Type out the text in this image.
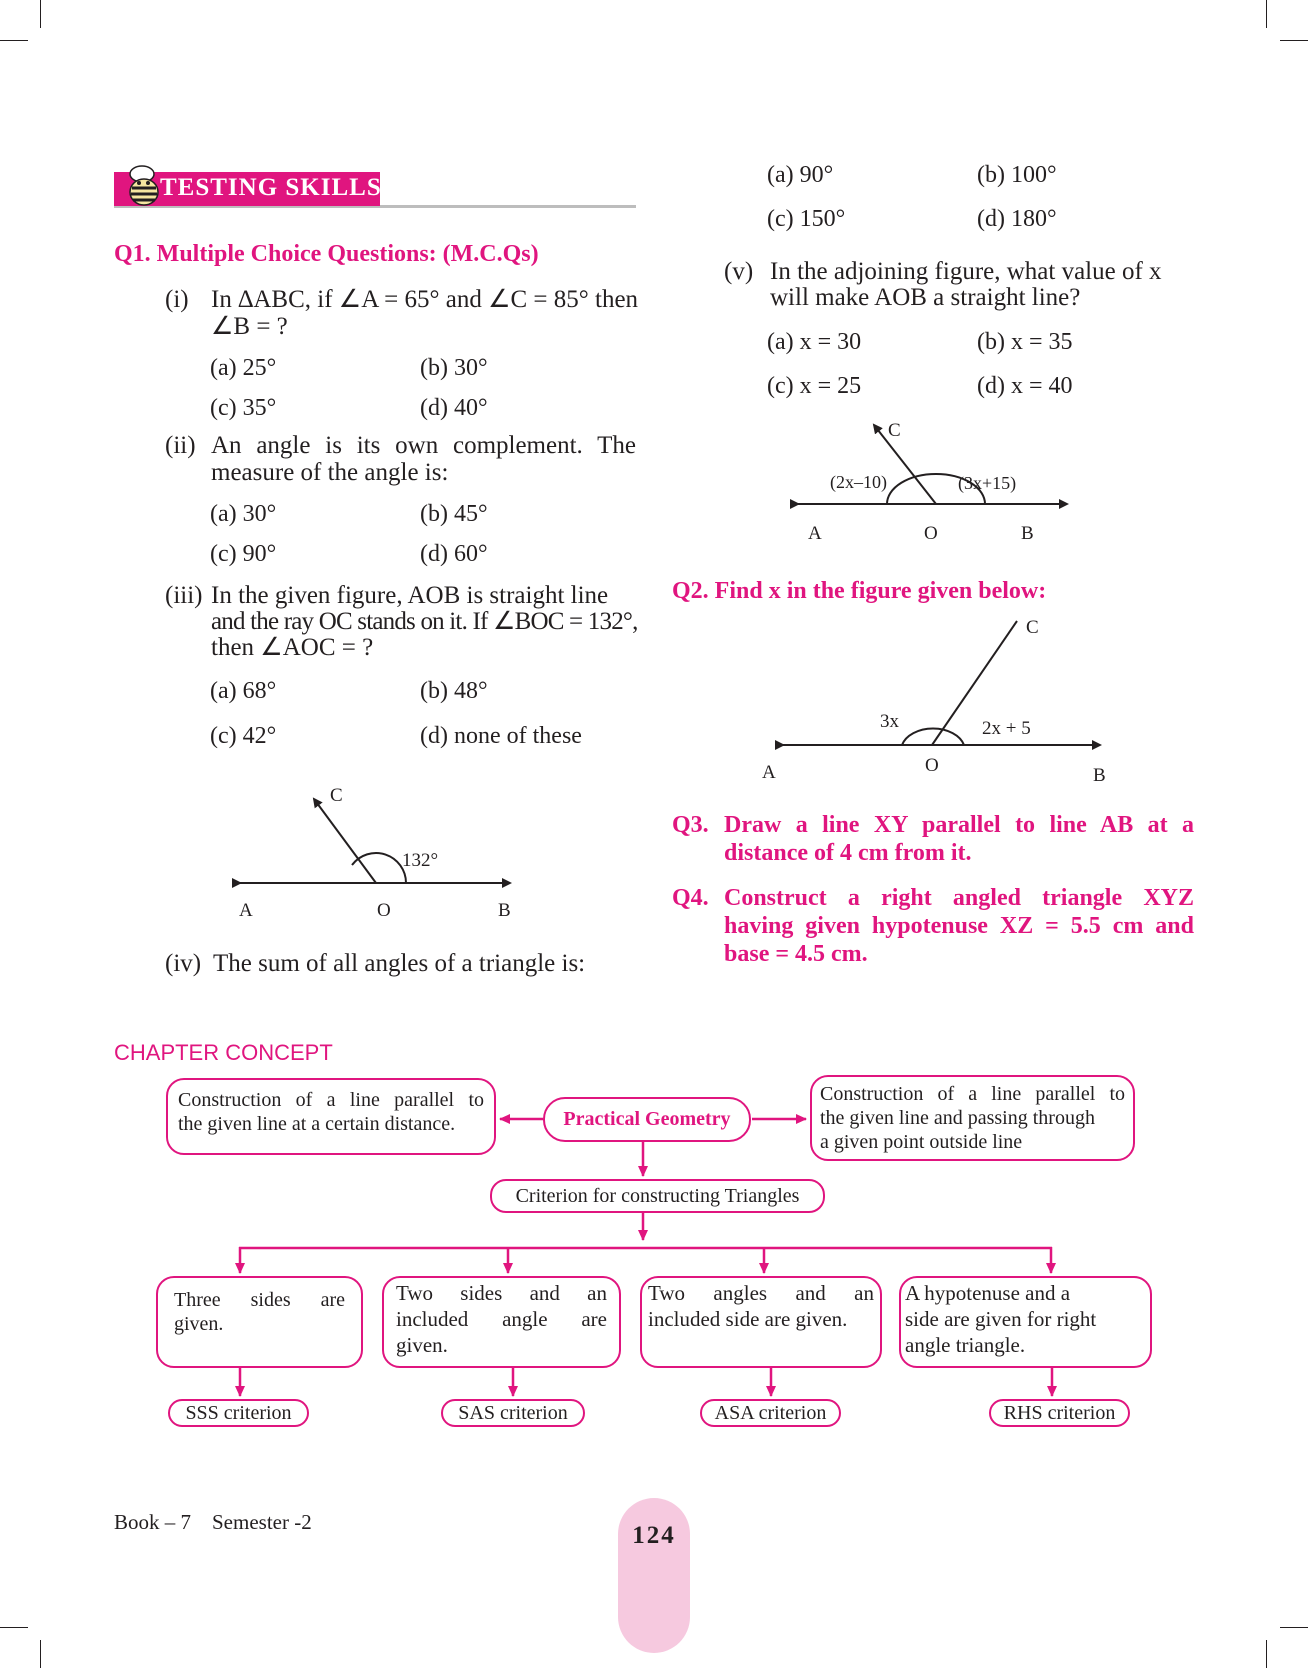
TESTING SKILLS
Q1. Multiple Choice Questions: (M.C.Qs)
(i) In ∆ABC, if ∠A = 65° and ∠C = 85° then
∠B = ?
(a) 25°	(b) 30°
(c) 35°	(d) 40°
(ii) An angle is its own complement. The
measure of the angle is:
(a) 30°	(b) 45°
(c) 90°	(d) 60°
(iii) In the given figure, AOB is straight line
and the ray OC stands on it. If ∠BOC = 132°,
then ∠AOC = ?
(a) 68°	(b) 48°
(c) 42°	(d) none of these
C
132°
A	O	B
(iv) The sum of all angles of a triangle is:
(a) 90°	(b) 100°
(c) 150°	(d) 180°
(v) In the adjoining figure, what value of x
will make AOB a straight line?
(a) x = 30	(b) x = 35
(c) x = 25	(d) x = 40
C
(2x–10)	(3x+15)
A	O	B
Q2. Find x in the figure given below:
C
3x	2x + 5
A	O	B
Q3. Draw a line XY parallel to line AB at a
distance of 4 cm from it.
Q4. Construct a right angled triangle XYZ
having given hypotenuse XZ = 5.5 cm and
base = 4.5 cm.
CHAPTER CONCEPT
Construction of a line parallel to
the given line at a certain distance.	Practical Geometry
Construction of a line parallel to
the given line and passing through
a given point outside line
Criterion for constructing Triangles
Three sides are
given.
Two sides and an
included angle are
given.
Two angles and an
included side are given.
A hypotenuse and a
side are given for right
angle triangle.
SSS criterion	SAS criterion	ASA criterion	RHS criterion
Book – 7    Semester -2	124
